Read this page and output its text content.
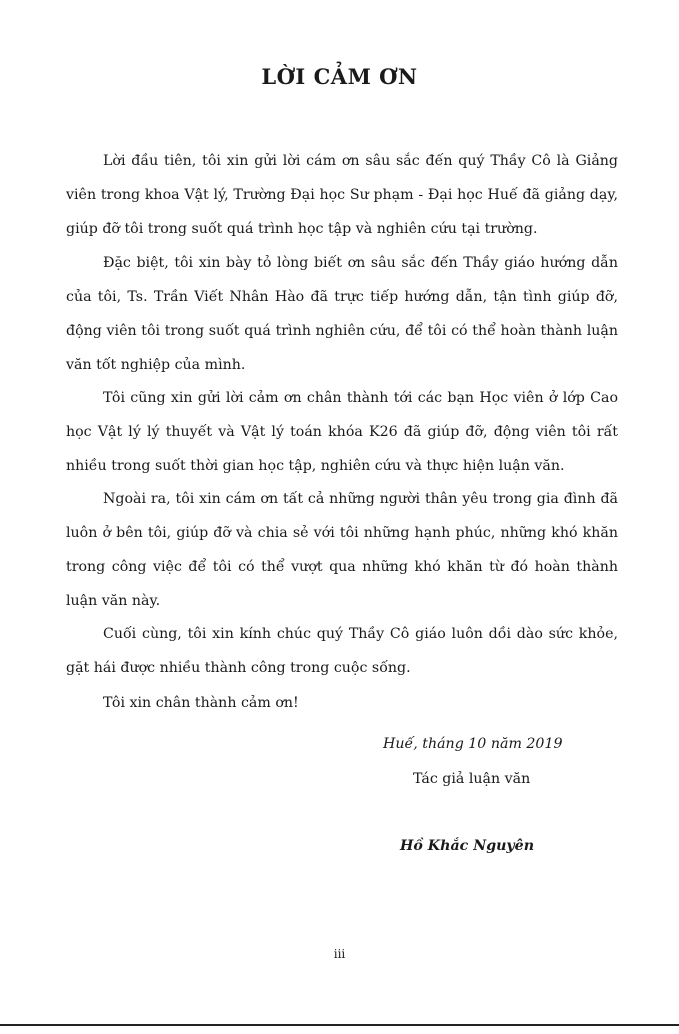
LỜI CẢM ƠN

Lời đầu tiên, tôi xin gửi lời cám ơn sâu sắc đến quý Thầy Cô là Giảng viên trong khoa Vật lý, Trường Đại học Sư phạm - Đại học Huế đã giảng dạy, giúp đỡ tôi trong suốt quá trình học tập và nghiên cứu tại trường.

Đặc biệt, tôi xin bày tỏ lòng biết ơn sâu sắc đến Thầy giáo hướng dẫn của tôi, Ts. Trần Viết Nhân Hào đã trực tiếp hướng dẫn, tận tình giúp đỡ, động viên tôi trong suốt quá trình nghiên cứu, để tôi có thể hoàn thành luận văn tốt nghiệp của mình.

Tôi cũng xin gửi lời cảm ơn chân thành tới các bạn Học viên ở lớp Cao học Vật lý lý thuyết và Vật lý toán khóa K26 đã giúp đỡ, động viên tôi rất nhiều trong suốt thời gian học tập, nghiên cứu và thực hiện luận văn.

Ngoài ra, tôi xin cám ơn tất cả những người thân yêu trong gia đình đã luôn ở bên tôi, giúp đỡ và chia sẻ với tôi những hạnh phúc, những khó khăn trong công việc để tôi có thể vượt qua những khó khăn từ đó hoàn thành luận văn này.

Cuối cùng, tôi xin kính chúc quý Thầy Cô giáo luôn dồi dào sức khỏe, gặt hái được nhiều thành công trong cuộc sống.

Tôi xin chân thành cảm ơn!

Huế, tháng 10 năm 2019
Tác giả luận văn
Hồ Khắc Nguyên
iii
